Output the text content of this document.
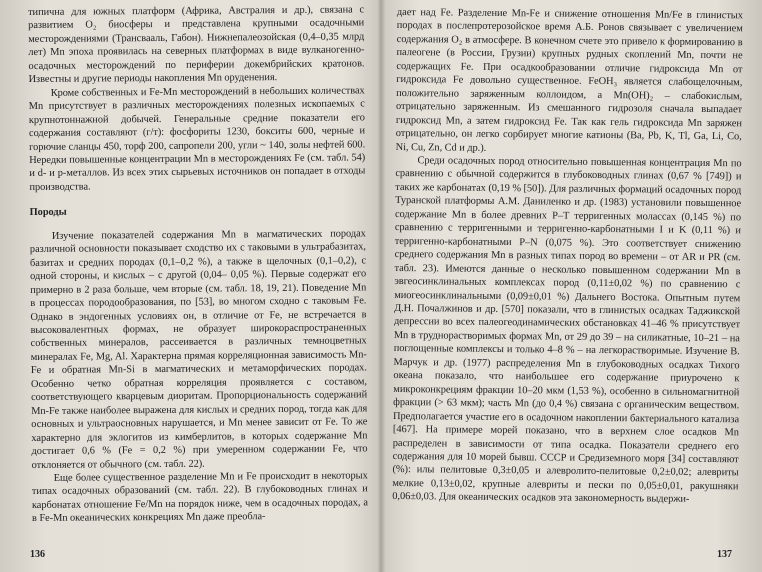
типична для южных платформ (Африка, Австралия и др.), связана с развитием O₂ биосферы и представлена крупными осадочными месторождениями (Трансвааль, Габон). Нижнепалеозойская (0,4–0,35 млрд лет) Mn эпоха проявилась на северных платформах в виде вулканогенно-осадочных месторождений по периферии докембрийских кратонов. Известны и другие периоды накопления Mn оруденения.

Кроме собственных и Fe-Mn месторождений в небольших количествах Mn присутствует в различных месторождениях полезных ископаемых с крупнотоннажной добычей. Генеральные средние показатели его содержания составляют (г/т): фосфориты 1230, бокситы 600, черные и горючие сланцы 450, торф 200, сапропели 200, угли ~ 140, золы нефтей 600. Нередки повышенные концентрации Mn в месторождениях Fe (см. табл. 54) и d- и p-металлов. Из всех этих сырьевых источников он попадает в отходы производства.

Породы

Изучение показателей содержания Mn в магматических породах различной основности показывает сходство их с таковыми в ультрабазитах, базитах и средних породах (0,1–0,2 %), а также в щелочных (0,1–0,2), с одной стороны, и кислых – с другой (0,04– 0,05 %). Первые содержат его примерно в 2 раза больше, чем вторые (см. табл. 18, 19, 21). Поведение Mn в процессах породообразования, по [53], во многом сходно с таковым Fe. Однако в эндогенных условиях он, в отличие от Fe, не встречается в высоковалентных формах, не образует широкораспространенных собственных минералов, рассеивается в различных темноцветных минералах Fe, Mg, Al. Характерна прямая корреляционная зависимость Mn-Fe и обратная Mn-Si в магматических и метаморфических породах. Особенно четко обратная корреляция проявляется с составом, соответствующего кварцевым диоритам. Пропорциональность содержаний Mn-Fe также наиболее выражена для кислых и средних пород, тогда как для основных и ультраосновных нарушается, и Mn менее зависит от Fe. То же характерно для эклогитов из кимберлитов, в которых содержание Mn достигает 0,6 % (Fe = 0,2 %) при умеренном содержании Fe, что отклоняется от обычного (см. табл. 22).

Еще более существенное разделение Mn и Fe происходит в некоторых типах осадочных образований (см. табл. 22). В глубоководных глинах и карбонатах отношение Fe/Mn на порядок ниже, чем в осадочных породах, а в Fe-Mn океанических конкрециях Mn даже преобла-

136

дает над Fe. Разделение Mn-Fe и снижение отношения Mn/Fe в глинистых породах в послепротерозойское время А.Б. Ронов связывает с увеличением содержания O₂ в атмосфере. В конечном счете это привело к формированию в палеогене (в России, Грузии) крупных рудных скоплений Mn, почти не содержащих Fe. При осадкообразовании отличие гидроксида Mn от гидроксида Fe довольно существенное. FeOH₃ является слабощелочным, положительно заряженным коллоидом, а Mn(OH)₂ – слабокислым, отрицательно заряженным. Из смешанного гидрозоля сначала выпадает гидроксид Mn, а затем гидроксид Fe. Так как гель гидроксида Mn заряжен отрицательно, он легко сорбирует многие катионы (Ba, Pb, K, Tl, Ga, Li, Co, Ni, Cu, Zn, Cd и др.).

Среди осадочных пород относительно повышенная концентрация Mn по сравнению с обычной содержится в глубоководных глинах (0,67 % [749]) и таких же карбонатах (0,19 % [50]). Для различных формаций осадочных пород Туранской платформы А.М. Даниленко и др. (1983) установили повышенное содержание Mn в более древних P–T терригенных молассах (0,145 %) по сравнению с терригенными и терригенно-карбонатными I и K (0,11 %) и терригенно-карбонатными P–N (0,075 %). Это соответствует снижению среднего содержания Mn в разных типах пород во времени – от AR и PR (см. табл. 23). Имеются данные о несколько повышенном содержании Mn в эвгеосинклинальных комплексах пород (0,11±0,02 %) по сравнению с миогеосинклинальными (0,09±0,01 %) Дальнего Востока. Опытным путем Д.Н. Почалжинов и др. [570] показали, что в глинистых осадках Таджикской депрессии во всех палеогеодинамических обстановках 41–46 % присутствует Mn в труднорастворимых формах Mn, от 29 до 39 – на силикатные, 10–21 – на поглощенные комплексы и только 4–8 % – на легкорастворимые. Изучение В. Марчук и др. (1977) распределения Mn в глубоководных осадках Тихого океана показало, что наибольшее его содержание приурочено к микроконкрециям фракции 10–20 мкм (1,53 %), особенно в сильномагнитной фракции (> 63 мкм); часть Mn (до 0,4 %) связана с органическим веществом. Предполагается участие его в осадочном накоплении бактериального катализа [467]. На примере морей показано, что в верхнем слое осадков Mn распределен в зависимости от типа осадка. Показатели среднего его содержания для 10 морей бывш. СССР и Средиземного моря [34] составляют (%): илы пелитовые 0,3±0,05 и алевролито-пелитовые 0,2±0,02; алевриты мелкие 0,13±0,02, крупные алевриты и пески по 0,05±0,01, ракушняки 0,06±0,03. Для океанических осадков эта закономерность выдержи-

137
